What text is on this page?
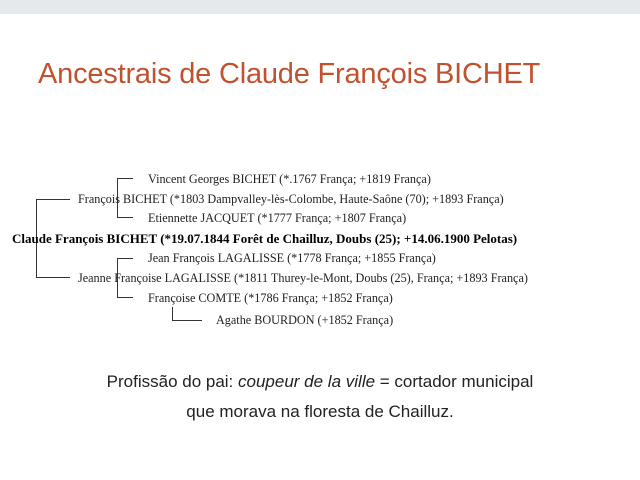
Ancestrais de Claude François BICHET
Vincent Georges BICHET (*.1767 França; +1819 França)
François BICHET (*1803 Dampvalley-lès-Colombe, Haute-Saône (70); +1893 França)
Etiennette JACQUET (*1777 França; +1807 França)
Claude François BICHET (*19.07.1844 Forêt de Chailluz, Doubs (25); +14.06.1900 Pelotas)
Jean François LAGALISSE (*1778 França; +1855 França)
Jeanne Françoise LAGALISSE (*1811 Thurey-le-Mont, Doubs (25), França; +1893 França)
Françoise COMTE (*1786 França; +1852 França)
Agathe BOURDON (+1852 França)
Profissão do pai: coupeur de la ville = cortador municipal
que morava na floresta de Chailluz.
